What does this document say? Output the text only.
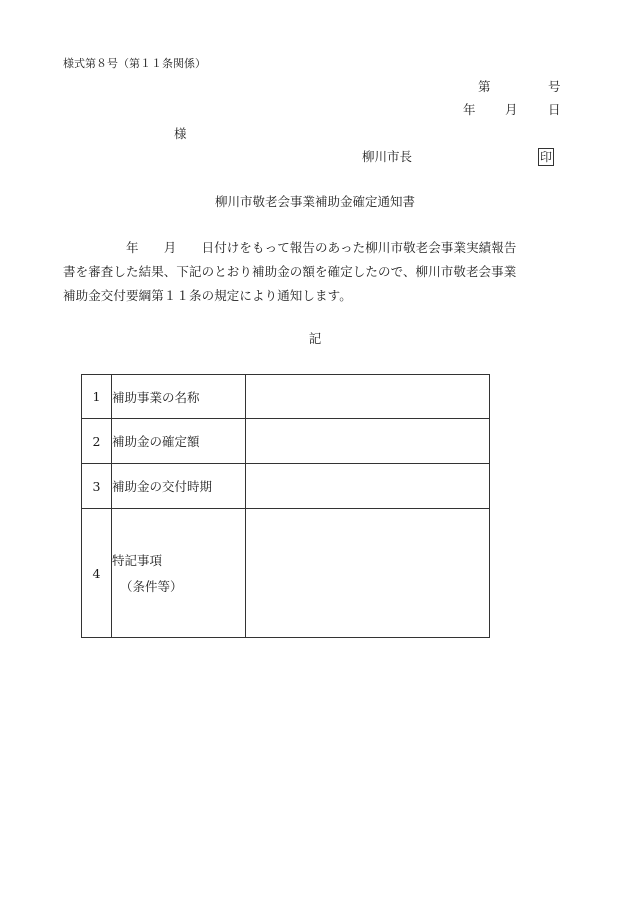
様式第８号（第１１条関係）
第	号
年 月 日
様
柳川市長	印
柳川市敬老会事業補助金確定通知書
　　　　　年　　月　　日付けをもって報告のあった柳川市敬老会事業実績報告
書を審査した結果、下記のとおり補助金の額を確定したので、柳川市敬老会事業
補助金交付要綱第１１条の規定により通知します。
記
1	補助事業の名称	
2	補助金の確定額	
3	補助金の交付時期	
4	特記事項
（条件等）	
